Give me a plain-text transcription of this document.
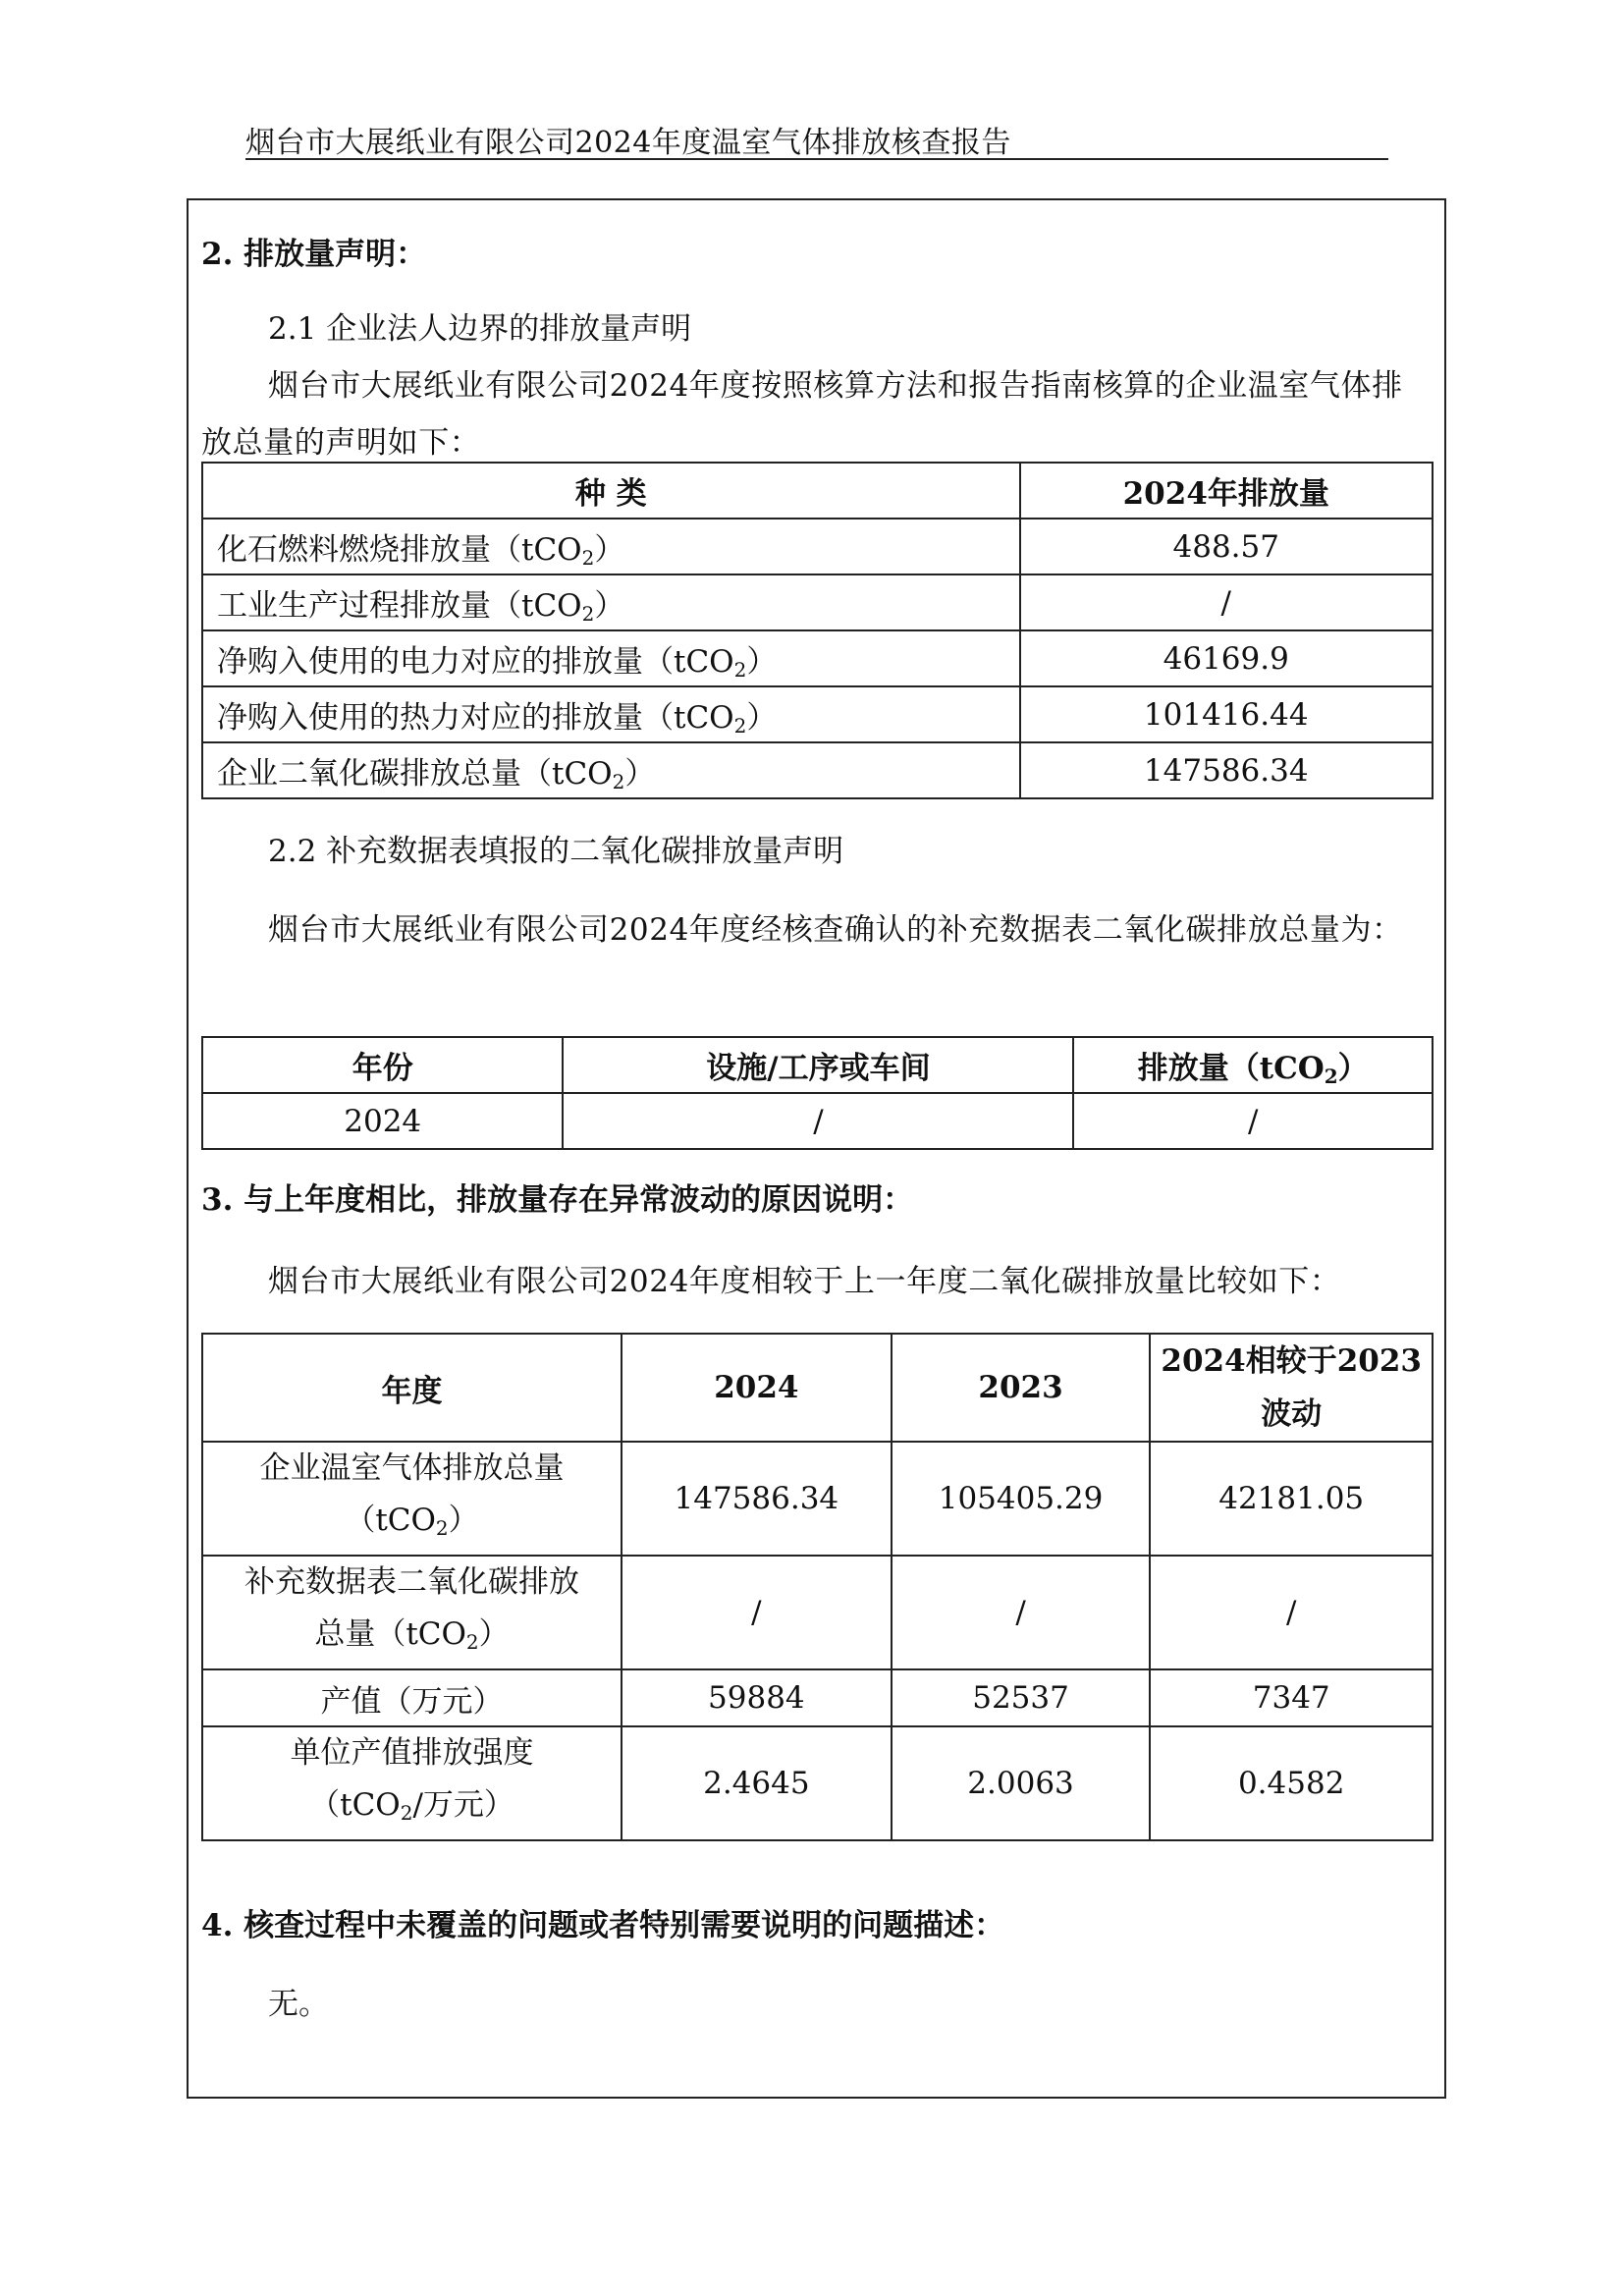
烟台市大展纸业有限公司2024年度温室气体排放核查报告
2. 排放量声明：
2.1 企业法人边界的排放量声明
烟台市大展纸业有限公司2024年度按照核算方法和报告指南核算的企业温室气体排放总量的声明如下：
种 类	2024年排放量
化石燃料燃烧排放量（tCO$_2$）	488.57
工业生产过程排放量（tCO$_2$）	/
净购入使用的电力对应的排放量（tCO$_2$）	46169.9
净购入使用的热力对应的排放量（tCO$_2$）	101416.44
企业二氧化碳排放总量（tCO$_2$）	147586.34
2.2 补充数据表填报的二氧化碳排放量声明
烟台市大展纸业有限公司2024年度经核查确认的补充数据表二氧化碳排放总量为：
年份	设施/工序或车间	排放量（tCO$_2$）
2024	/	/
3. 与上年度相比，排放量存在异常波动的原因说明：
烟台市大展纸业有限公司2024年度相较于上一年度二氧化碳排放量比较如下：
年度	2024	2023	2024相较于2023
波动
企业温室气体排放总量
（tCO$_2$）	147586.34	105405.29	42181.05
补充数据表二氧化碳排放
总量（tCO$_2$）	/	/	/
产值（万元）	59884	52537	7347
单位产值排放强度
（tCO$_2$/万元）	2.4645	2.0063	0.4582
4. 核查过程中未覆盖的问题或者特别需要说明的问题描述：
无。
